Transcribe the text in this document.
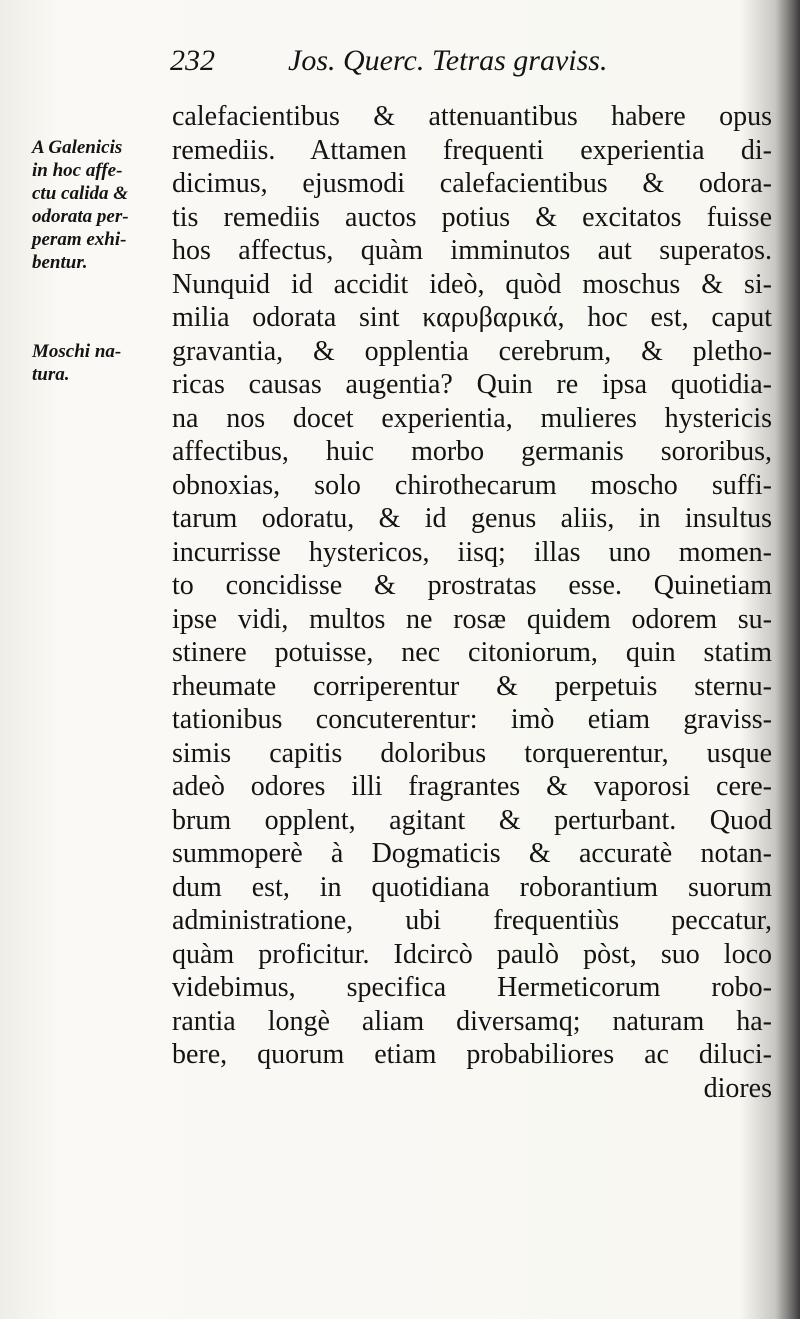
232 Jos. Querc. Tetras graviss.
A Galenicis
in hoc affe-
ctu calida &
odorata per-
peram exhi-
bentur.
Moschi na-
tura.
calefacientibus & attenuantibus habere opus
remediis. Attamen frequenti experientia di-
dicimus, ejusmodi calefacientibus & odora-
tis remediis auctos potius & excitatos fuisse
hos affectus, quàm imminutos aut superatos.
Nunquid id accidit ideò, quòd moschus & si-
milia odorata sint καρυβαρικά, hoc est, caput
gravantia, & opplentia cerebrum, & pletho-
ricas causas augentia? Quin re ipsa quotidia-
na nos docet experientia, mulieres hystericis
affectibus, huic morbo germanis sororibus,
obnoxias, solo chirothecarum moscho suffi-
tarum odoratu, & id genus aliis, in insultus
incurrisse hystericos, iisq; illas uno momen-
to concidisse & prostratas esse. Quinetiam
ipse vidi, multos ne rosæ quidem odorem su-
stinere potuisse, nec citoniorum, quin statim
rheumate corriperentur & perpetuis sternu-
tationibus concuterentur: imò etiam graviss-
simis capitis doloribus torquerentur, usque
adeò odores illi fragrantes & vaporosi cere-
brum opplent, agitant & perturbant. Quod
summoperè à Dogmaticis & accuratè notan-
dum est, in quotidiana roborantium suorum
administratione, ubi frequentiùs peccatur,
quàm proficitur. Idcircò paulò pòst, suo loco
videbimus, specifica Hermeticorum robo-
rantia longè aliam diversamq; naturam ha-
bere, quorum etiam probabiliores ac diluci-
diores
